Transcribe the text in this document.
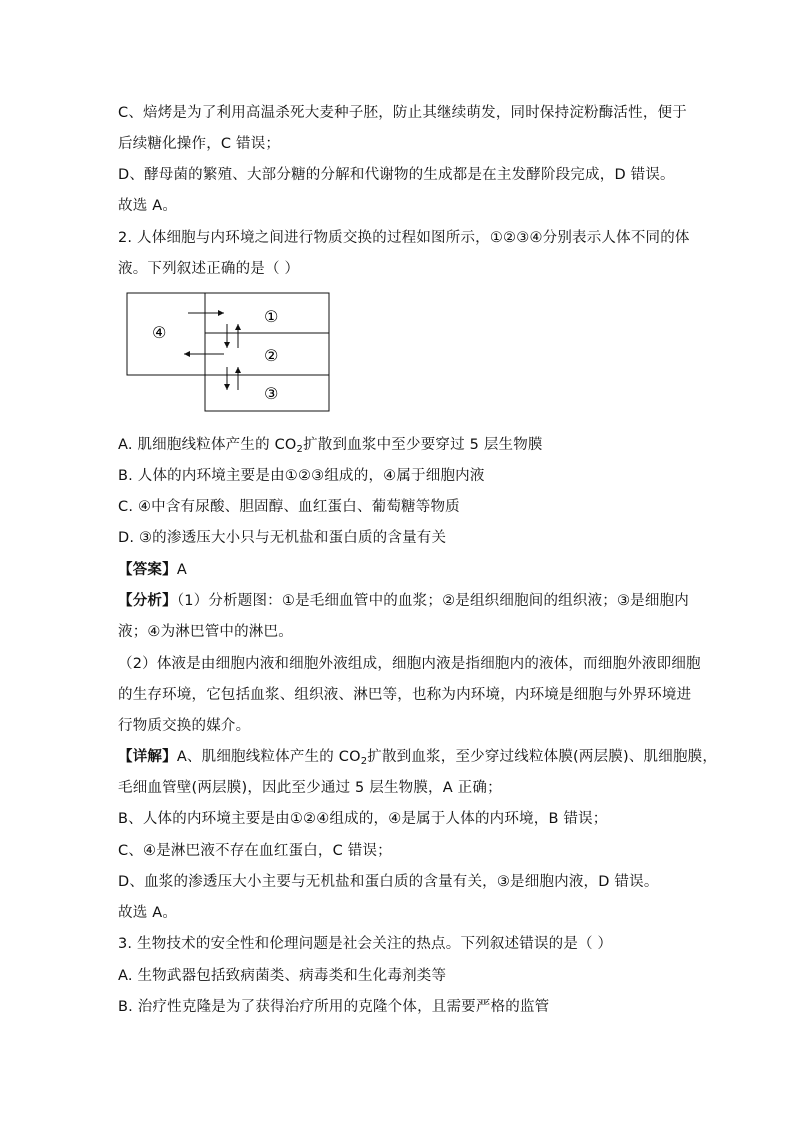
C、焙烤是为了利用高温杀死大麦种子胚，防止其继续萌发，同时保持淀粉酶活性，便于
后续糖化操作，C 错误；
D、酵母菌的繁殖、大部分糖的分解和代谢物的生成都是在主发酵阶段完成，D 错误。
故选 A。
2. 人体细胞与内环境之间进行物质交换的过程如图所示，①②③④分别表示人体不同的体
液。下列叙述正确的是（ ）
④
①
②
③
A. 肌细胞线粒体产生的 $CO_2$扩散到血浆中至少要穿过 5 层生物膜
B. 人体的内环境主要是由①②③组成的，④属于细胞内液
C. ④中含有尿酸、胆固醇、血红蛋白、葡萄糖等物质
D. ③的渗透压大小只与无机盐和蛋白质的含量有关
【答案】A
【分析】（1）分析题图：①是毛细血管中的血浆；②是组织细胞间的组织液；③是细胞内
液；④为淋巴管中的淋巴。
（2）体液是由细胞内液和细胞外液组成，细胞内液是指细胞内的液体，而细胞外液即细胞
的生存环境，它包括血浆、组织液、淋巴等，也称为内环境，内环境是细胞与外界环境进
行物质交换的媒介。
【详解】A、肌细胞线粒体产生的 $CO_2$扩散到血浆，至少穿过线粒体膜(两层膜)、肌细胞膜，
毛细血管壁(两层膜)，因此至少通过 5 层生物膜，A 正确；
B、人体的内环境主要是由①②④组成的，④是属于人体的内环境，B 错误；
C、④是淋巴液不存在血红蛋白，C 错误；
D、血浆的渗透压大小主要与无机盐和蛋白质的含量有关，③是细胞内液，D 错误。
故选 A。
3. 生物技术的安全性和伦理问题是社会关注的热点。下列叙述错误的是（ ）
A. 生物武器包括致病菌类、病毒类和生化毒剂类等
B. 治疗性克隆是为了获得治疗所用的克隆个体，且需要严格的监管
